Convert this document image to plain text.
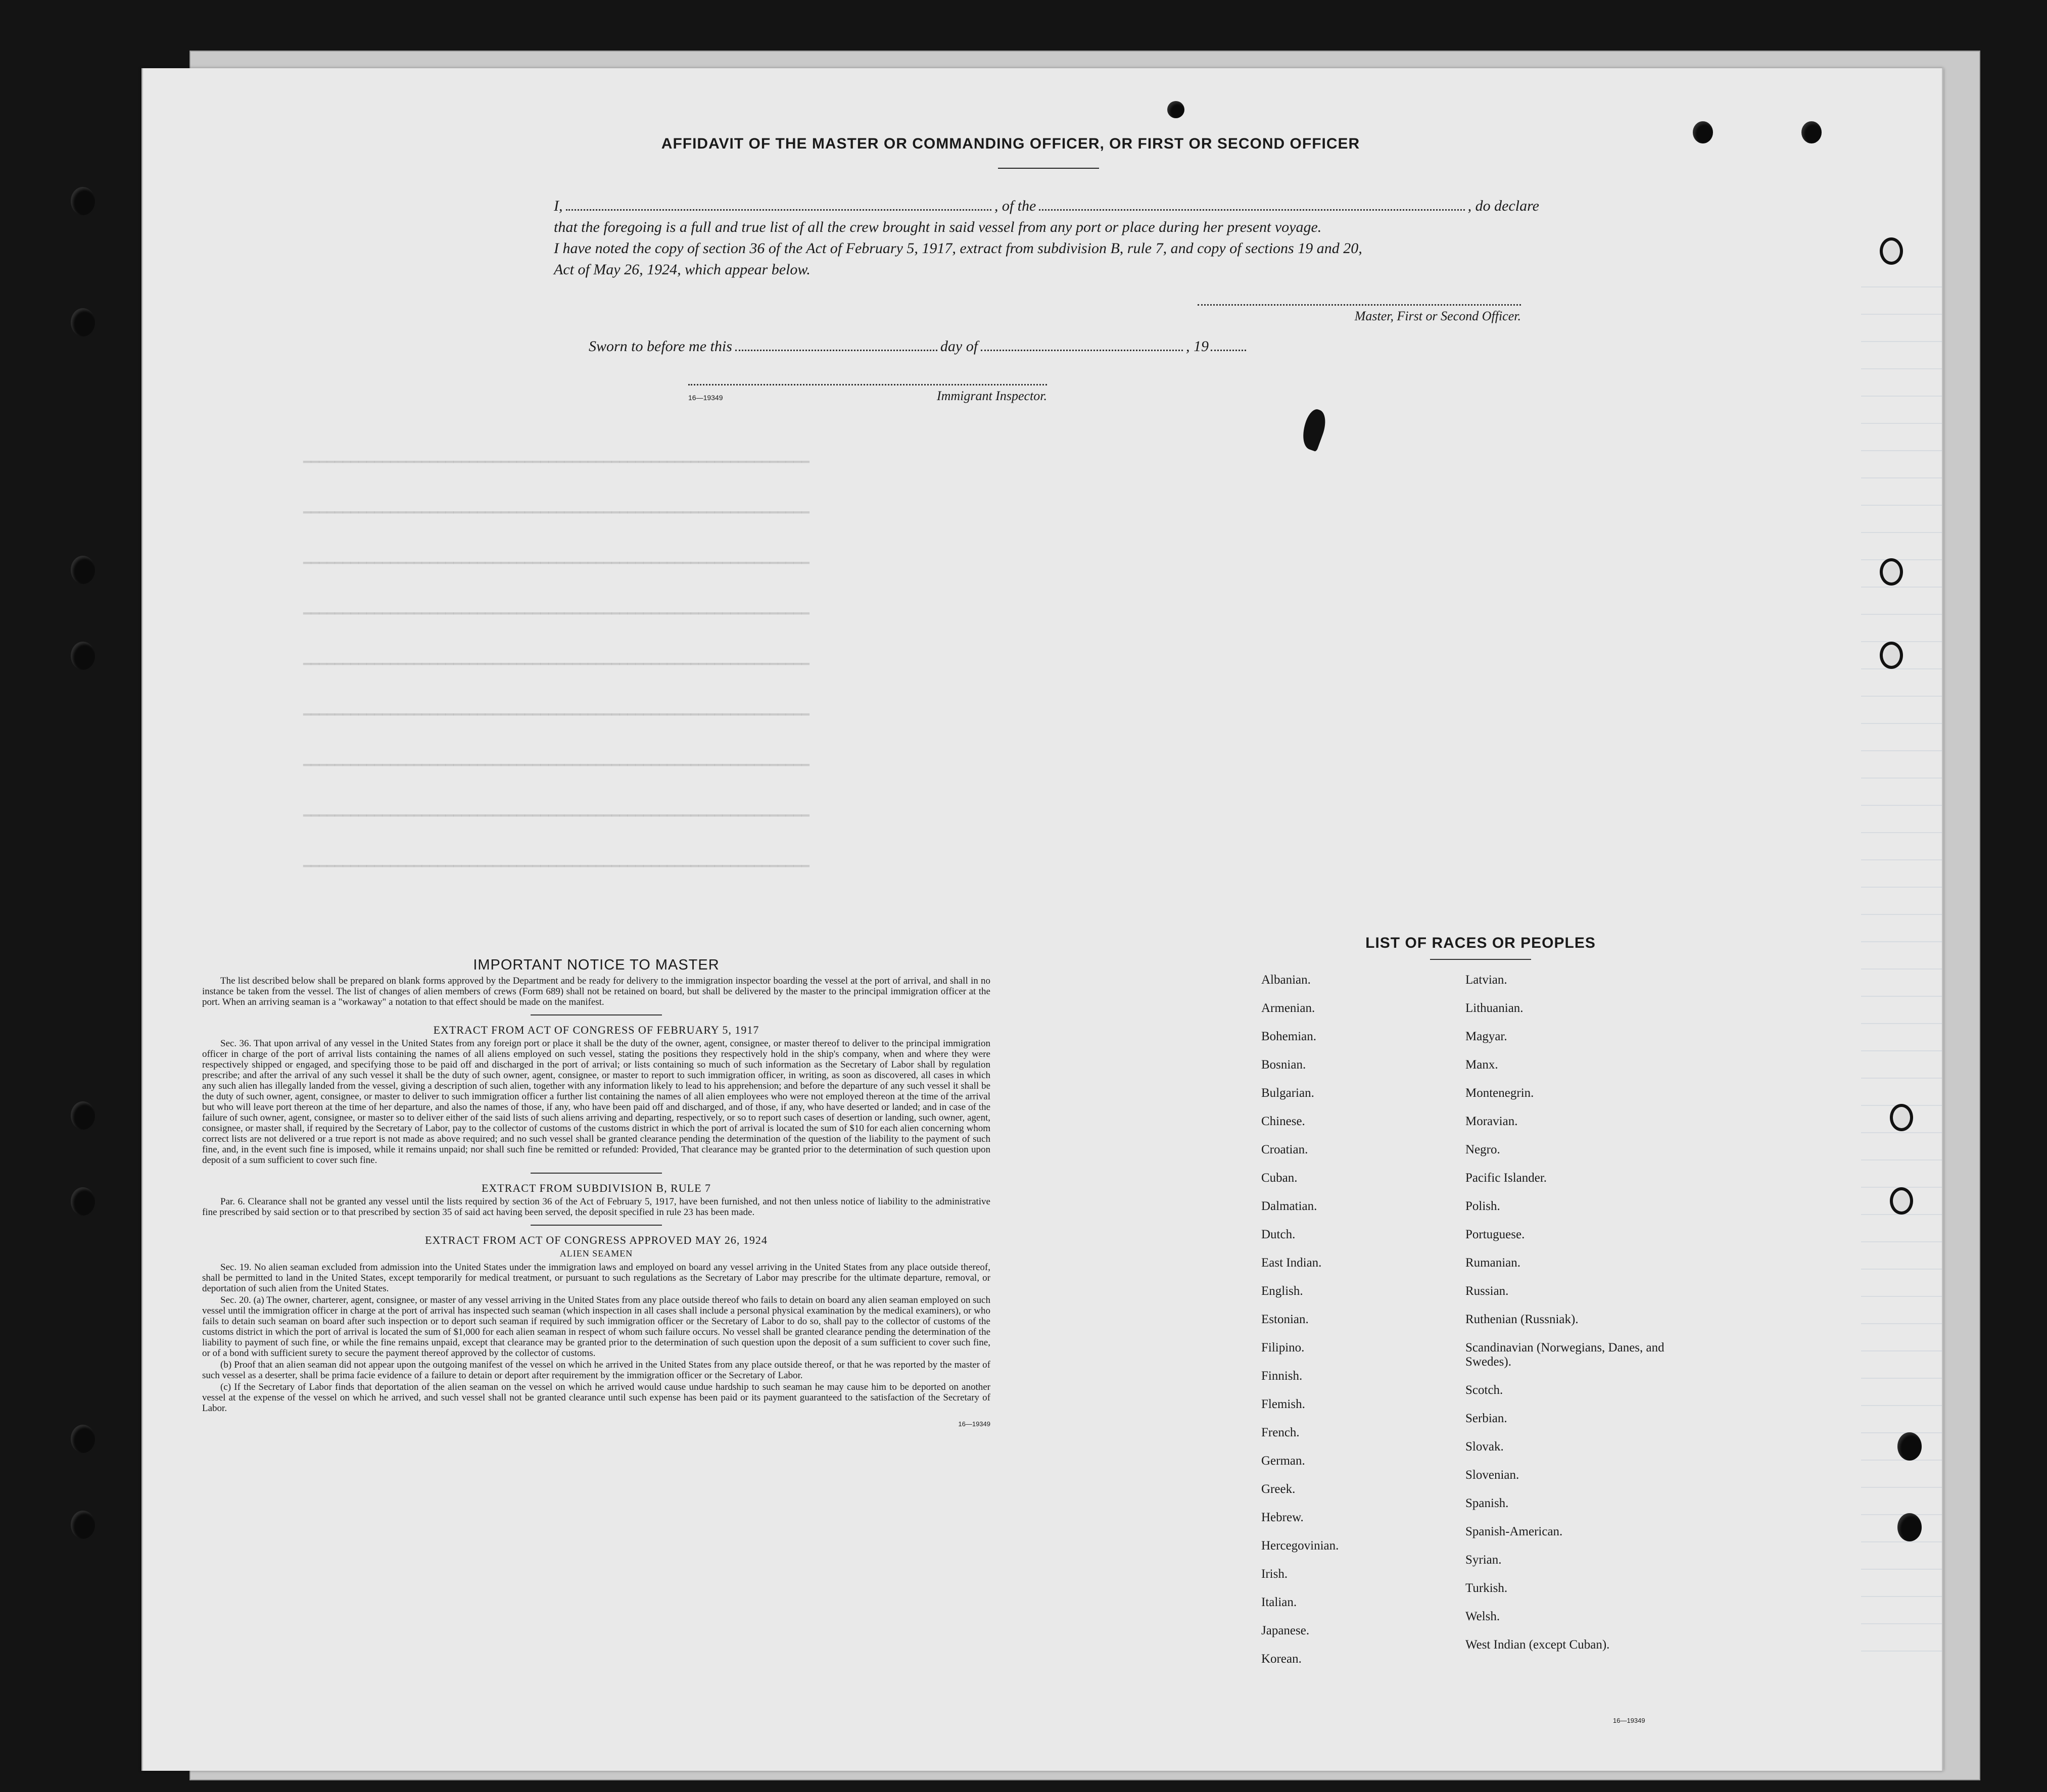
AFFIDAVIT OF THE MASTER OR COMMANDING OFFICER, OR FIRST OR SECOND OFFICER
I,	, of the	, do declare
that the foregoing is a full and true list of all the crew brought in said vessel from any port or place during her present voyage.
I have noted the copy of section 36 of the Act of February 5, 1917, extract from subdivision B, rule 7, and copy of sections 19 and 20,
Act of May 26, 1924, which appear below.
Master, First or Second Officer.
Sworn to before me this	day of	, 19
16—19349	Immigrant Inspector.
IMPORTANT NOTICE TO MASTER

The list described below shall be prepared on blank forms approved by the Department and be ready for delivery to the immigration inspector boarding the vessel at the port of arrival, and shall in no instance be taken from the vessel. The list of changes of alien members of crews (Form 689) shall not be retained on board, but shall be delivered by the master to the principal immigration officer at the port. When an arriving seaman is a "workaway" a notation to that effect should be made on the manifest.

EXTRACT FROM ACT OF CONGRESS OF FEBRUARY 5, 1917

Sec. 36. That upon arrival of any vessel in the United States from any foreign port or place it shall be the duty of the owner, agent, consignee, or master thereof to deliver to the principal immigration officer in charge of the port of arrival lists containing the names of all aliens employed on such vessel, stating the positions they respectively hold in the ship's company, when and where they were respectively shipped or engaged, and specifying those to be paid off and discharged in the port of arrival; or lists containing so much of such information as the Secretary of Labor shall by regulation prescribe; and after the arrival of any such vessel it shall be the duty of such owner, agent, consignee, or master to report to such immigration officer, in writing, as soon as discovered, all cases in which any such alien has illegally landed from the vessel, giving a description of such alien, together with any information likely to lead to his apprehension; and before the departure of any such vessel it shall be the duty of such owner, agent, consignee, or master to deliver to such immigration officer a further list containing the names of all alien employees who were not employed thereon at the time of the arrival but who will leave port thereon at the time of her departure, and also the names of those, if any, who have been paid off and discharged, and of those, if any, who have deserted or landed; and in case of the failure of such owner, agent, consignee, or master so to deliver either of the said lists of such aliens arriving and departing, respectively, or so to report such cases of desertion or landing, such owner, agent, consignee, or master shall, if required by the Secretary of Labor, pay to the collector of customs of the customs district in which the port of arrival is located the sum of $10 for each alien concerning whom correct lists are not delivered or a true report is not made as above required; and no such vessel shall be granted clearance pending the determination of the question of the liability to the payment of such fine, and, in the event such fine is imposed, while it remains unpaid; nor shall such fine be remitted or refunded: Provided, That clearance may be granted prior to the determination of such question upon deposit of a sum sufficient to cover such fine.

EXTRACT FROM SUBDIVISION B, RULE 7

Par. 6. Clearance shall not be granted any vessel until the lists required by section 36 of the Act of February 5, 1917, have been furnished, and not then unless notice of liability to the administrative fine prescribed by said section or to that prescribed by section 35 of said act having been served, the deposit specified in rule 23 has been made.

EXTRACT FROM ACT OF CONGRESS APPROVED MAY 26, 1924
ALIEN SEAMEN

Sec. 19. No alien seaman excluded from admission into the United States under the immigration laws and employed on board any vessel arriving in the United States from any place outside thereof, shall be permitted to land in the United States, except temporarily for medical treatment, or pursuant to such regulations as the Secretary of Labor may prescribe for the ultimate departure, removal, or deportation of such alien from the United States.

Sec. 20. (a) The owner, charterer, agent, consignee, or master of any vessel arriving in the United States from any place outside thereof who fails to detain on board any alien seaman employed on such vessel until the immigration officer in charge at the port of arrival has inspected such seaman (which inspection in all cases shall include a personal physical examination by the medical examiners), or who fails to detain such seaman on board after such inspection or to deport such seaman if required by such immigration officer or the Secretary of Labor to do so, shall pay to the collector of customs of the customs district in which the port of arrival is located the sum of $1,000 for each alien seaman in respect of whom such failure occurs. No vessel shall be granted clearance pending the determination of the liability to payment of such fine, or while the fine remains unpaid, except that clearance may be granted prior to the determination of such question upon the deposit of a sum sufficient to cover such fine, or of a bond with sufficient surety to secure the payment thereof approved by the collector of customs.

(b) Proof that an alien seaman did not appear upon the outgoing manifest of the vessel on which he arrived in the United States from any place outside thereof, or that he was reported by the master of such vessel as a deserter, shall be prima facie evidence of a failure to detain or deport after requirement by the immigration officer or the Secretary of Labor.

(c) If the Secretary of Labor finds that deportation of the alien seaman on the vessel on which he arrived would cause undue hardship to such seaman he may cause him to be deported on another vessel at the expense of the vessel on which he arrived, and such vessel shall not be granted clearance until such expense has been paid or its payment guaranteed to the satisfaction of the Secretary of Labor.

16—19349
LIST OF RACES OR PEOPLES
Albanian.
Armenian.
Bohemian.
Bosnian.
Bulgarian.
Chinese.
Croatian.
Cuban.
Dalmatian.
Dutch.
East Indian.
English.
Estonian.
Filipino.
Finnish.
Flemish.
French.
German.
Greek.
Hebrew.
Hercegovinian.
Irish.
Italian.
Japanese.
Korean.
Latvian.
Lithuanian.
Magyar.
Manx.
Montenegrin.
Moravian.
Negro.
Pacific Islander.
Polish.
Portuguese.
Rumanian.
Russian.
Ruthenian (Russniak).
Scandinavian (Norwegians, Danes, and Swedes).
Scotch.
Serbian.
Slovak.
Slovenian.
Spanish.
Spanish-American.
Syrian.
Turkish.
Welsh.
West Indian (except Cuban).
16—19349
